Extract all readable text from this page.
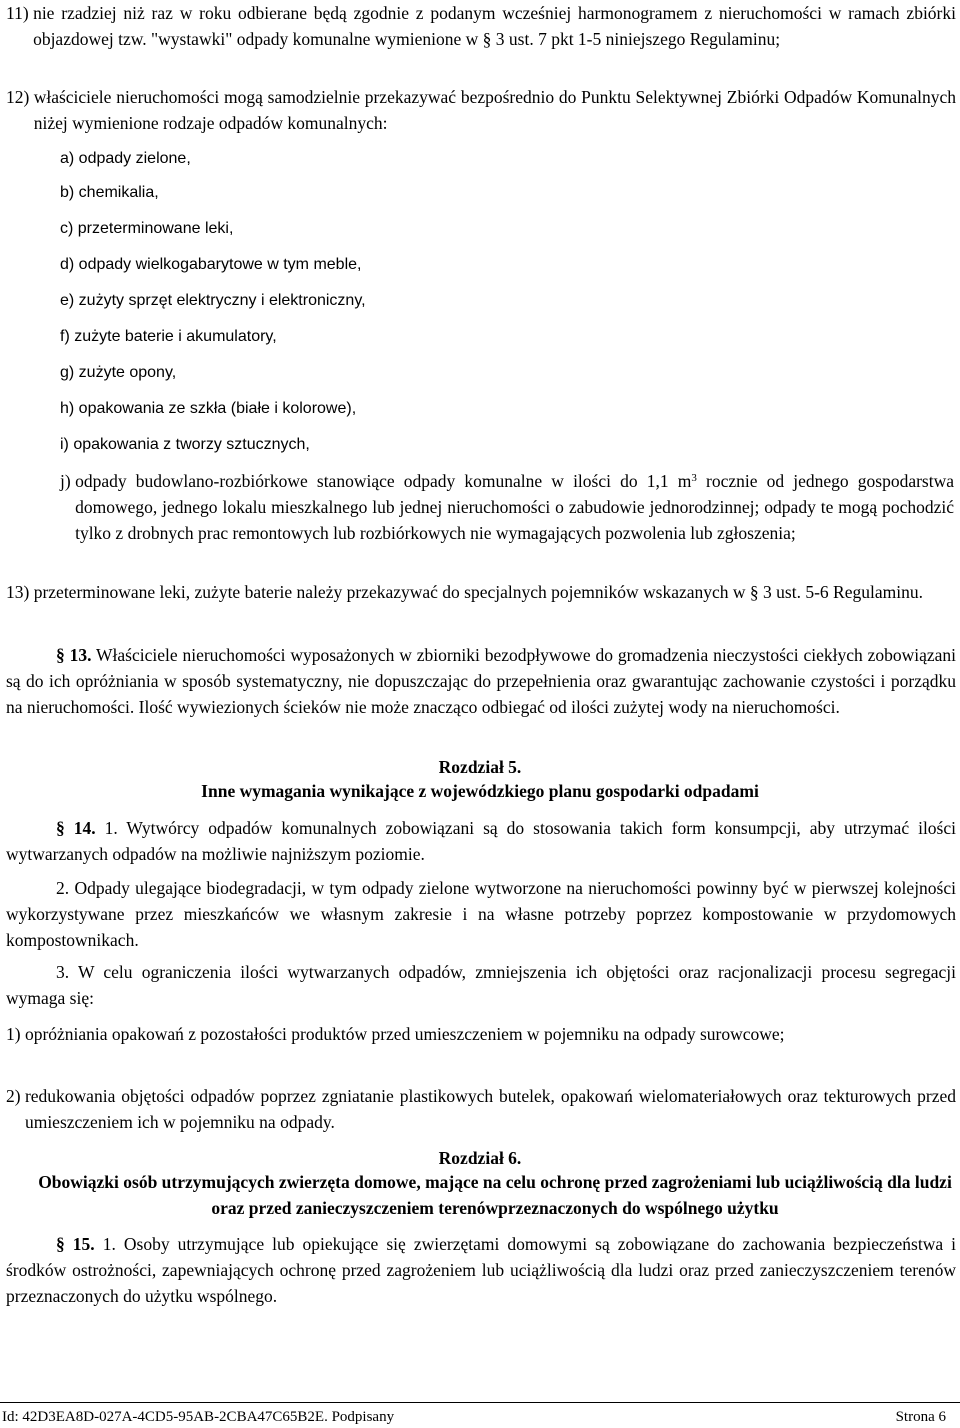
11) nie rzadziej niż raz w roku odbierane będą zgodnie z podanym wcześniej harmonogramem z nieruchomości w ramach zbiórki objazdowej tzw. "wystawki" odpady komunalne wymienione w § 3 ust. 7 pkt 1-5 niniejszego Regulaminu;
12) właściciele nieruchomości mogą samodzielnie przekazywać bezpośrednio do Punktu Selektywnej Zbiórki Odpadów Komunalnych niżej wymienione rodzaje odpadów komunalnych:

a) odpady zielone,

b) chemikalia,

c) przeterminowane leki,

d) odpady wielkogabarytowe w tym meble,

e) zużyty sprzęt elektryczny i elektroniczny,

f) zużyte baterie i akumulatory,

g) zużyte opony,

h) opakowania ze szkła (białe i kolorowe),

i) opakowania z tworzy sztucznych,

j) odpady budowlano-rozbiórkowe stanowiące odpady komunalne w ilości do 1,1 $m^3$ rocznie od jednego gospodarstwa domowego, jednego lokalu mieszkalnego lub jednej nieruchomości o zabudowie jednorodzinnej; odpady te mogą pochodzić tylko z drobnych prac remontowych lub rozbiórkowych nie wymagających pozwolenia lub zgłoszenia;
13) przeterminowane leki, zużyte baterie należy przekazywać do specjalnych pojemników wskazanych w § 3 ust. 5-6 Regulaminu.

§ 13. Właściciele nieruchomości wyposażonych w zbiorniki bezodpływowe do gromadzenia nieczystości ciekłych zobowiązani są do ich opróżniania w sposób systematyczny, nie dopuszczając do przepełnienia oraz gwarantując zachowanie czystości i porządku na nieruchomości. Ilość wywiezionych ścieków nie może znacząco odbiegać od ilości zużytej wody na nieruchomości.

Rozdział 5.

Inne wymagania wynikające z wojewódzkiego planu gospodarki odpadami

§ 14. 1. Wytwórcy odpadów komunalnych zobowiązani są do stosowania takich form konsumpcji, aby utrzymać ilości wytwarzanych odpadów na możliwie najniższym poziomie.

2. Odpady ulegające biodegradacji, w tym odpady zielone wytworzone na nieruchomości powinny być w pierwszej kolejności wykorzystywane przez mieszkańców we własnym zakresie i na własne potrzeby poprzez kompostowanie w przydomowych kompostownikach.

3. W celu ograniczenia ilości wytwarzanych odpadów, zmniejszenia ich objętości oraz racjonalizacji procesu segregacji wymaga się:

1) opróżniania opakowań z pozostałości produktów przed umieszczeniem w pojemniku na odpady surowcowe;
2) redukowania objętości odpadów poprzez zgniatanie plastikowych butelek, opakowań wielomateriałowych oraz tekturowych przed umieszczeniem ich w pojemniku na odpady.

Rozdział 6.

Obowiązki osób utrzymujących zwierzęta domowe, mające na celu ochronę przed zagrożeniami lub uciążliwością dla ludzi oraz przed zanieczyszczeniem terenówprzeznaczonych do wspólnego użytku

§ 15. 1. Osoby utrzymujące lub opiekujące się zwierzętami domowymi są zobowiązane do zachowania bezpieczeństwa i środków ostrożności, zapewniających ochronę przed zagrożeniem lub uciążliwością dla ludzi oraz przed zanieczyszczeniem terenów przeznaczonych do użytku wspólnego.

Id: 42D3EA8D-027A-4CD5-95AB-2CBA47C65B2E. Podpisany	Strona 6
